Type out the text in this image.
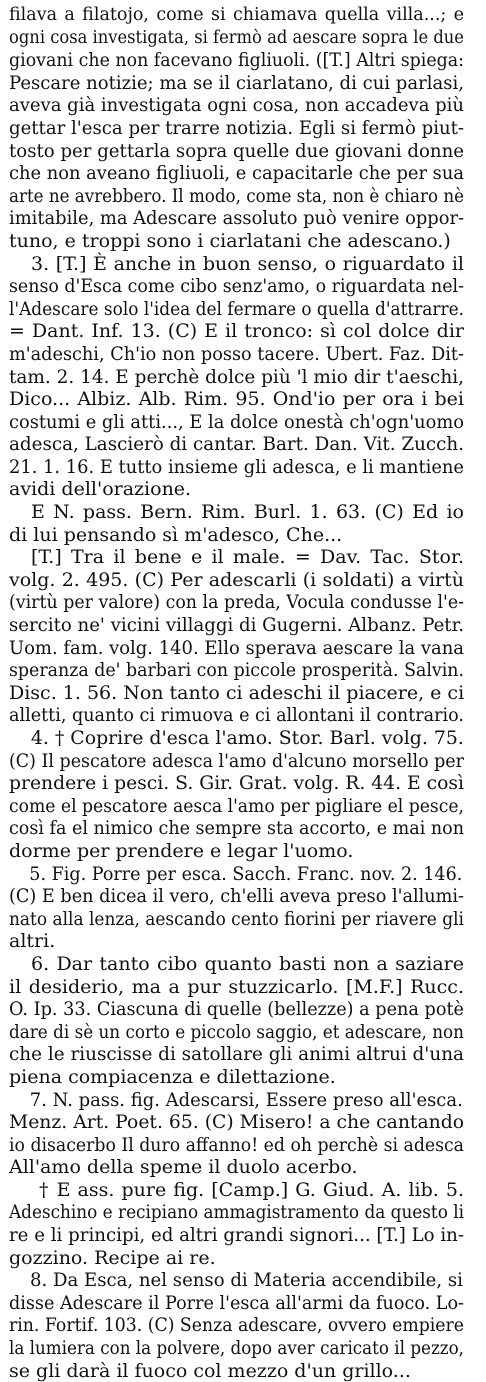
filava a filatojo, come si chiamava quella villa...; e
ogni cosa investigata, si fermò ad aescare sopra le due
giovani che non facevano figliuoli. ([T.] Altri spiega:
Pescare notizie; ma se il ciarlatano, di cui parlasi,
aveva già investigata ogni cosa, non accadeva più
gettar l'esca per trarre notizia. Egli si fermò piut-
tosto per gettarla sopra quelle due giovani donne
che non aveano figliuoli, e capacitarle che per sua
arte ne avrebbero. Il modo, come sta, non è chiaro nè
imitabile, ma Adescare assoluto può venire oppor-
tuno, e troppi sono i ciarlatani che adescano.)
3. [T.] È anche in buon senso, o riguardato il
senso d'Esca come cibo senz'amo, o riguardata nel-
l'Adescare solo l'idea del fermare o quella d'attrarre.
= Dant. Inf. 13. (C) E il tronco: sì col dolce dir
m'adeschi, Ch'io non posso tacere. Ubert. Faz. Dit-
tam. 2. 14. E perchè dolce più 'l mio dir t'aeschi,
Dico... Albiz. Alb. Rim. 95. Ond'io per ora i bei
costumi e gli atti..., E la dolce onestà ch'ogn'uomo
adesca, Lascierò di cantar. Bart. Dan. Vit. Zucch.
21. 1. 16. E tutto insieme gli adesca, e li mantiene
avidi dell'orazione.
E N. pass. Bern. Rim. Burl. 1. 63. (C) Ed io
di lui pensando sì m'adesco, Che...
[T.] Tra il bene e il male. = Dav. Tac. Stor.
volg. 2. 495. (C) Per adescarli (i soldati) a virtù
(virtù per valore) con la preda, Vocula condusse l'e-
sercito ne' vicini villaggi di Gugerni. Albanz. Petr.
Uom. fam. volg. 140. Ello sperava aescare la vana
speranza de' barbari con piccole prosperità. Salvin.
Disc. 1. 56. Non tanto ci adeschi il piacere, e ci
alletti, quanto ci rimuova e ci allontani il contrario.
4. † Coprire d'esca l'amo. Stor. Barl. volg. 75.
(C) Il pescatore adesca l'amo d'alcuno morsello per
prendere i pesci. S. Gir. Grat. volg. R. 44. E così
come el pescatore aesca l'amo per pigliare el pesce,
così fa el nimico che sempre sta accorto, e mai non
dorme per prendere e legar l'uomo.
5. Fig. Porre per esca. Sacch. Franc. nov. 2. 146.
(C) E ben dicea il vero, ch'elli aveva preso l'allumi-
nato alla lenza, aescando cento fiorini per riavere gli
altri.
6. Dar tanto cibo quanto basti non a saziare
il desiderio, ma a pur stuzzicarlo. [M.F.] Rucc.
O. Ip. 33. Ciascuna di quelle (bellezze) a pena potè
dare di sè un corto e piccolo saggio, et adescare, non
che le riuscisse di satollare gli animi altrui d'una
piena compiacenza e dilettazione.
7. N. pass. fig. Adescarsi, Essere preso all'esca.
Menz. Art. Poet. 65. (C) Misero! a che cantando
io disacerbo Il duro affanno! ed oh perchè si adesca
All'amo della speme il duolo acerbo.
† E ass. pure fig. [Camp.] G. Giud. A. lib. 5.
Adeschino e recipiano ammagistramento da questo li
re e li principi, ed altri grandi signori... [T.] Lo in-
gozzino. Recipe ai re.
8. Da Esca, nel senso di Materia accendibile, si
disse Adescare il Porre l'esca all'armi da fuoco. Lo-
rin. Fortif. 103. (C) Senza adescare, ovvero empiere
la lumiera con la polvere, dopo aver caricato il pezzo,
se gli darà il fuoco col mezzo d'un grillo...
